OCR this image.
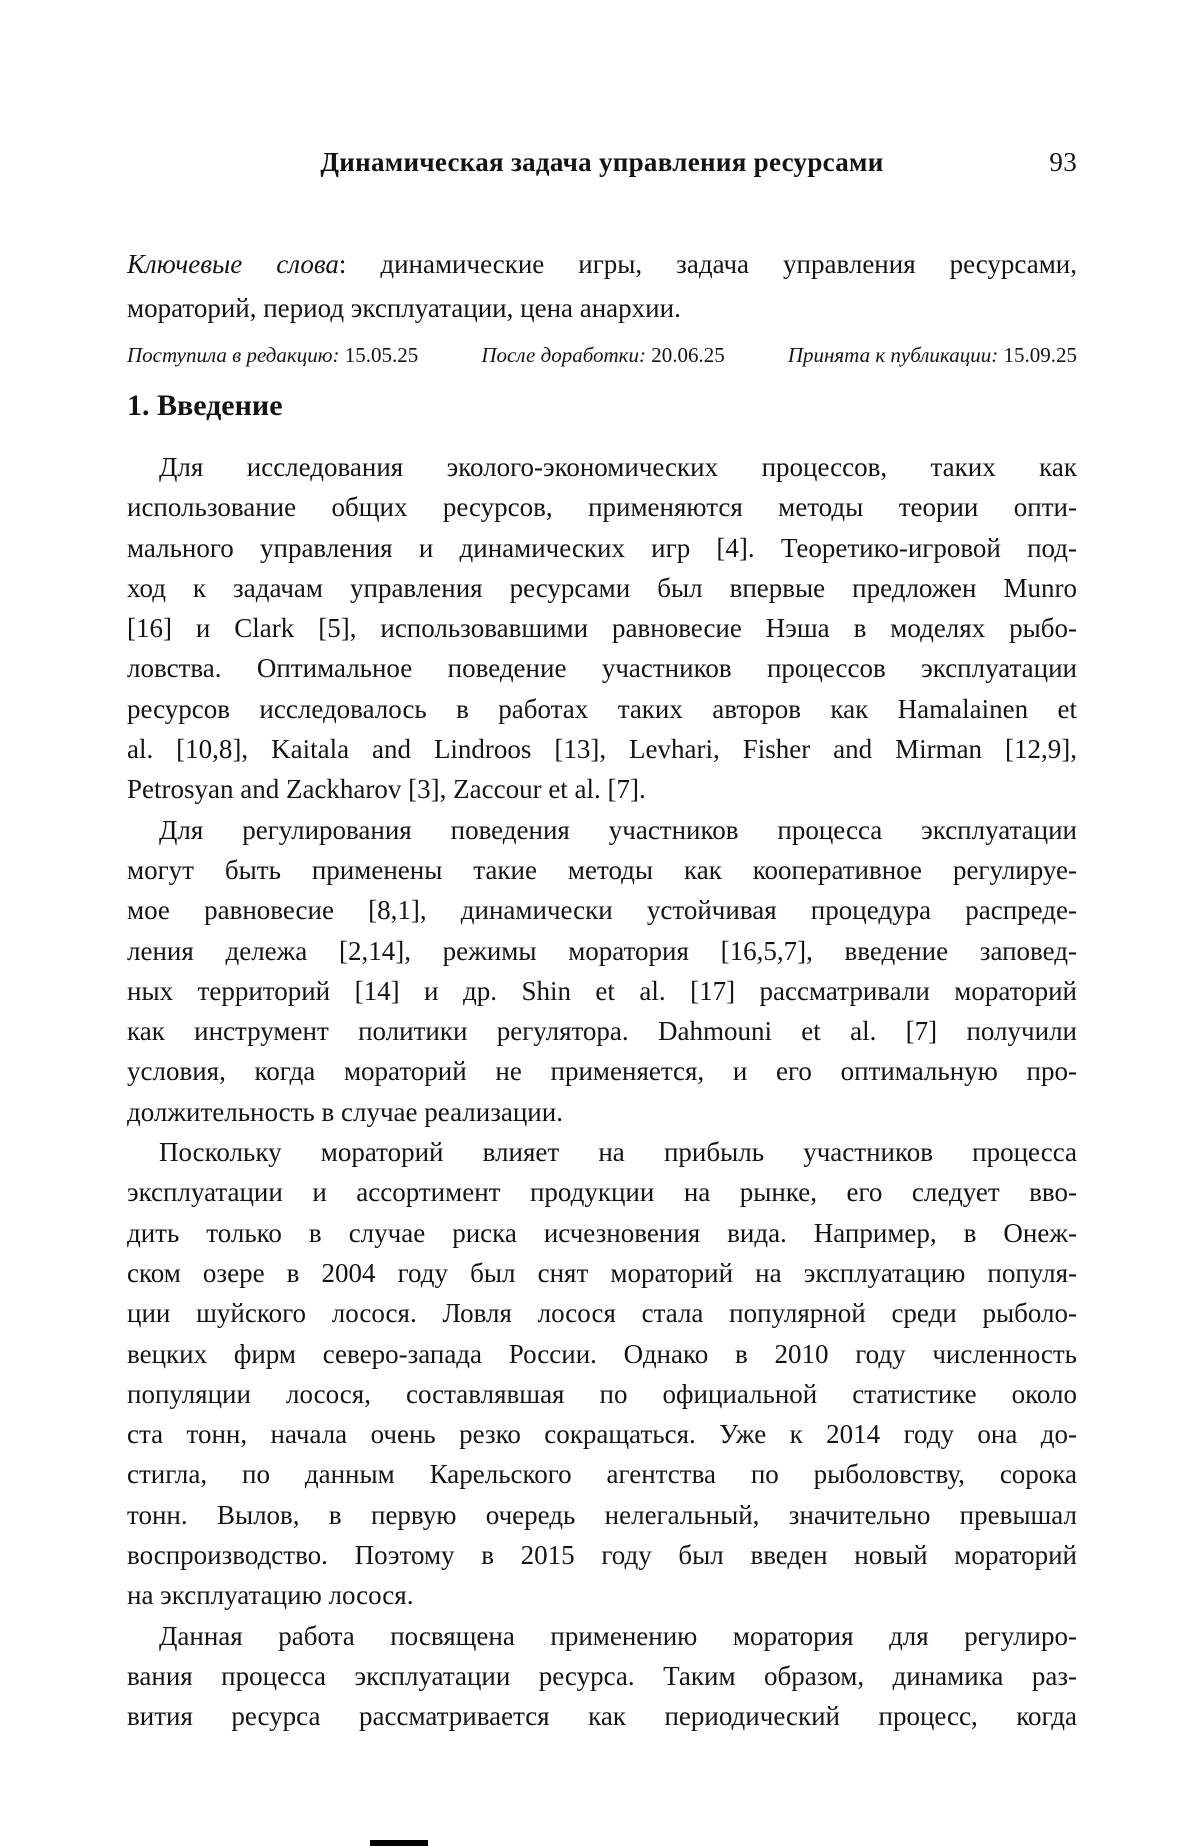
Динамическая задача управления ресурсами	93

Ключевые слова: динамические игры, задача управления ресурсами,
мораторий, период эксплуатации, цена анархии.

Поступила в редакцию: 15.05.25	После доработки: 20.06.25	Принята к публикации: 15.09.25

1. Введение
Для исследования эколого-экономических процессов, таких как
использование общих ресурсов, применяются методы теории опти-
мального управления и динамических игр [4]. Теоретико-игровой под-
ход к задачам управления ресурсами был впервые предложен Munro
[16] и Clark [5], использовавшими равновесие Нэша в моделях рыбо-
ловства. Оптимальное поведение участников процессов эксплуатации
ресурсов исследовалось в работах таких авторов как Hamalainen et
al. [10,8], Kaitala and Lindroos [13], Levhari, Fisher and Mirman [12,9],
Petrosyan and Zackharov [3], Zaccour et al. [7].
Для регулирования поведения участников процесса эксплуатации
могут быть применены такие методы как кооперативное регулируе-
мое равновесие [8,1], динамически устойчивая процедура распреде-
ления дележа [2,14], режимы моратория [16,5,7], введение заповед-
ных территорий [14] и др. Shin et al. [17] рассматривали мораторий
как инструмент политики регулятора. Dahmouni et al. [7] получили
условия, когда мораторий не применяется, и его оптимальную про-
должительность в случае реализации.
Поскольку мораторий влияет на прибыль участников процесса
эксплуатации и ассортимент продукции на рынке, его следует вво-
дить только в случае риска исчезновения вида. Например, в Онеж-
ском озере в 2004 году был снят мораторий на эксплуатацию популя-
ции шуйского лосося. Ловля лосося стала популярной среди рыболо-
вецких фирм северо-запада России. Однако в 2010 году численность
популяции лосося, составлявшая по официальной статистике около
ста тонн, начала очень резко сокращаться. Уже к 2014 году она до-
стигла, по данным Карельского агентства по рыболовству, сорока
тонн. Вылов, в первую очередь нелегальный, значительно превышал
воспроизводство. Поэтому в 2015 году был введен новый мораторий
на эксплуатацию лосося.
Данная работа посвящена применению моратория для регулиро-
вания процесса эксплуатации ресурса. Таким образом, динамика раз-
вития ресурса рассматривается как периодический процесс, когда
